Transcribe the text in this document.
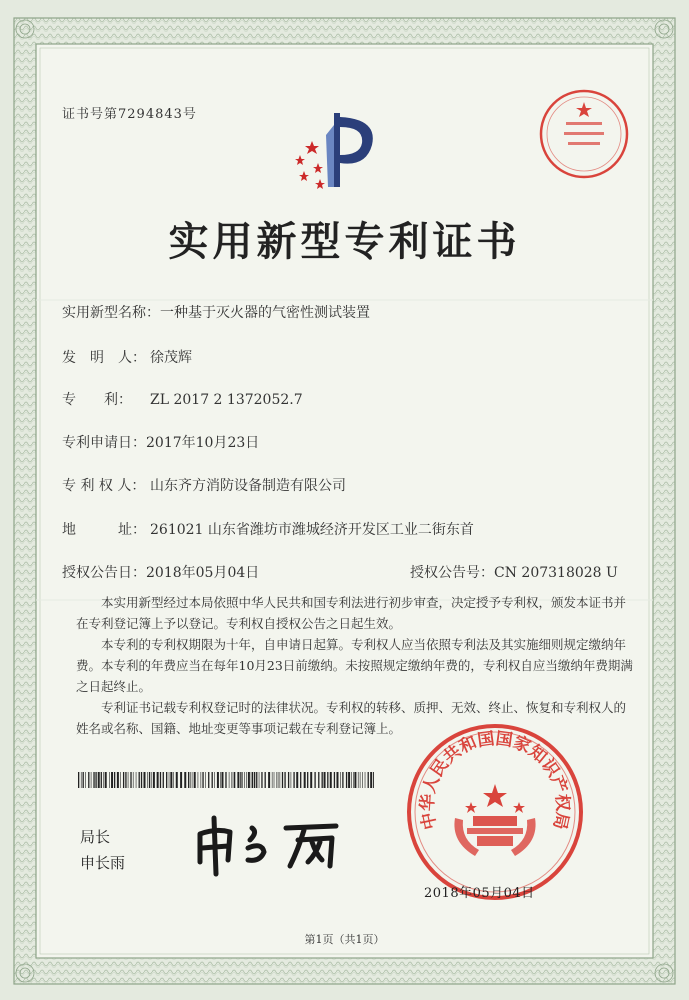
证书号第7294843号
实用新型专利证书
实用新型名称：一种基于灭火器的气密性测试装置
发　明　人： 徐茂辉
专　　利： ZL 2017 2 1372052.7
专利申请日：2017年10月23日
专 利 权 人： 山东齐方消防设备制造有限公司
地　　　址： 261021 山东省潍坊市潍城经济开发区工业二街东首
授权公告日：2018年05月04日	授权公告号：CN 207318028 U
本实用新型经过本局依照中华人民共和国专利法进行初步审查，决定授予专利权，颁发本证书并在专利登记簿上予以登记。专利权自授权公告之日起生效。
本专利的专利权期限为十年，自申请日起算。专利权人应当依照专利法及其实施细则规定缴纳年费。本专利的年费应当在每年10月23日前缴纳。未按照规定缴纳年费的，专利权自应当缴纳年费期满之日起终止。
专利证书记载专利权登记时的法律状况。专利权的转移、质押、无效、终止、恢复和专利权人的姓名或名称、国籍、地址变更等事项记载在专利登记簿上。
局长
申长雨
中华人民共和国国家知识产权局
2018年05月04日
第1页（共1页）
